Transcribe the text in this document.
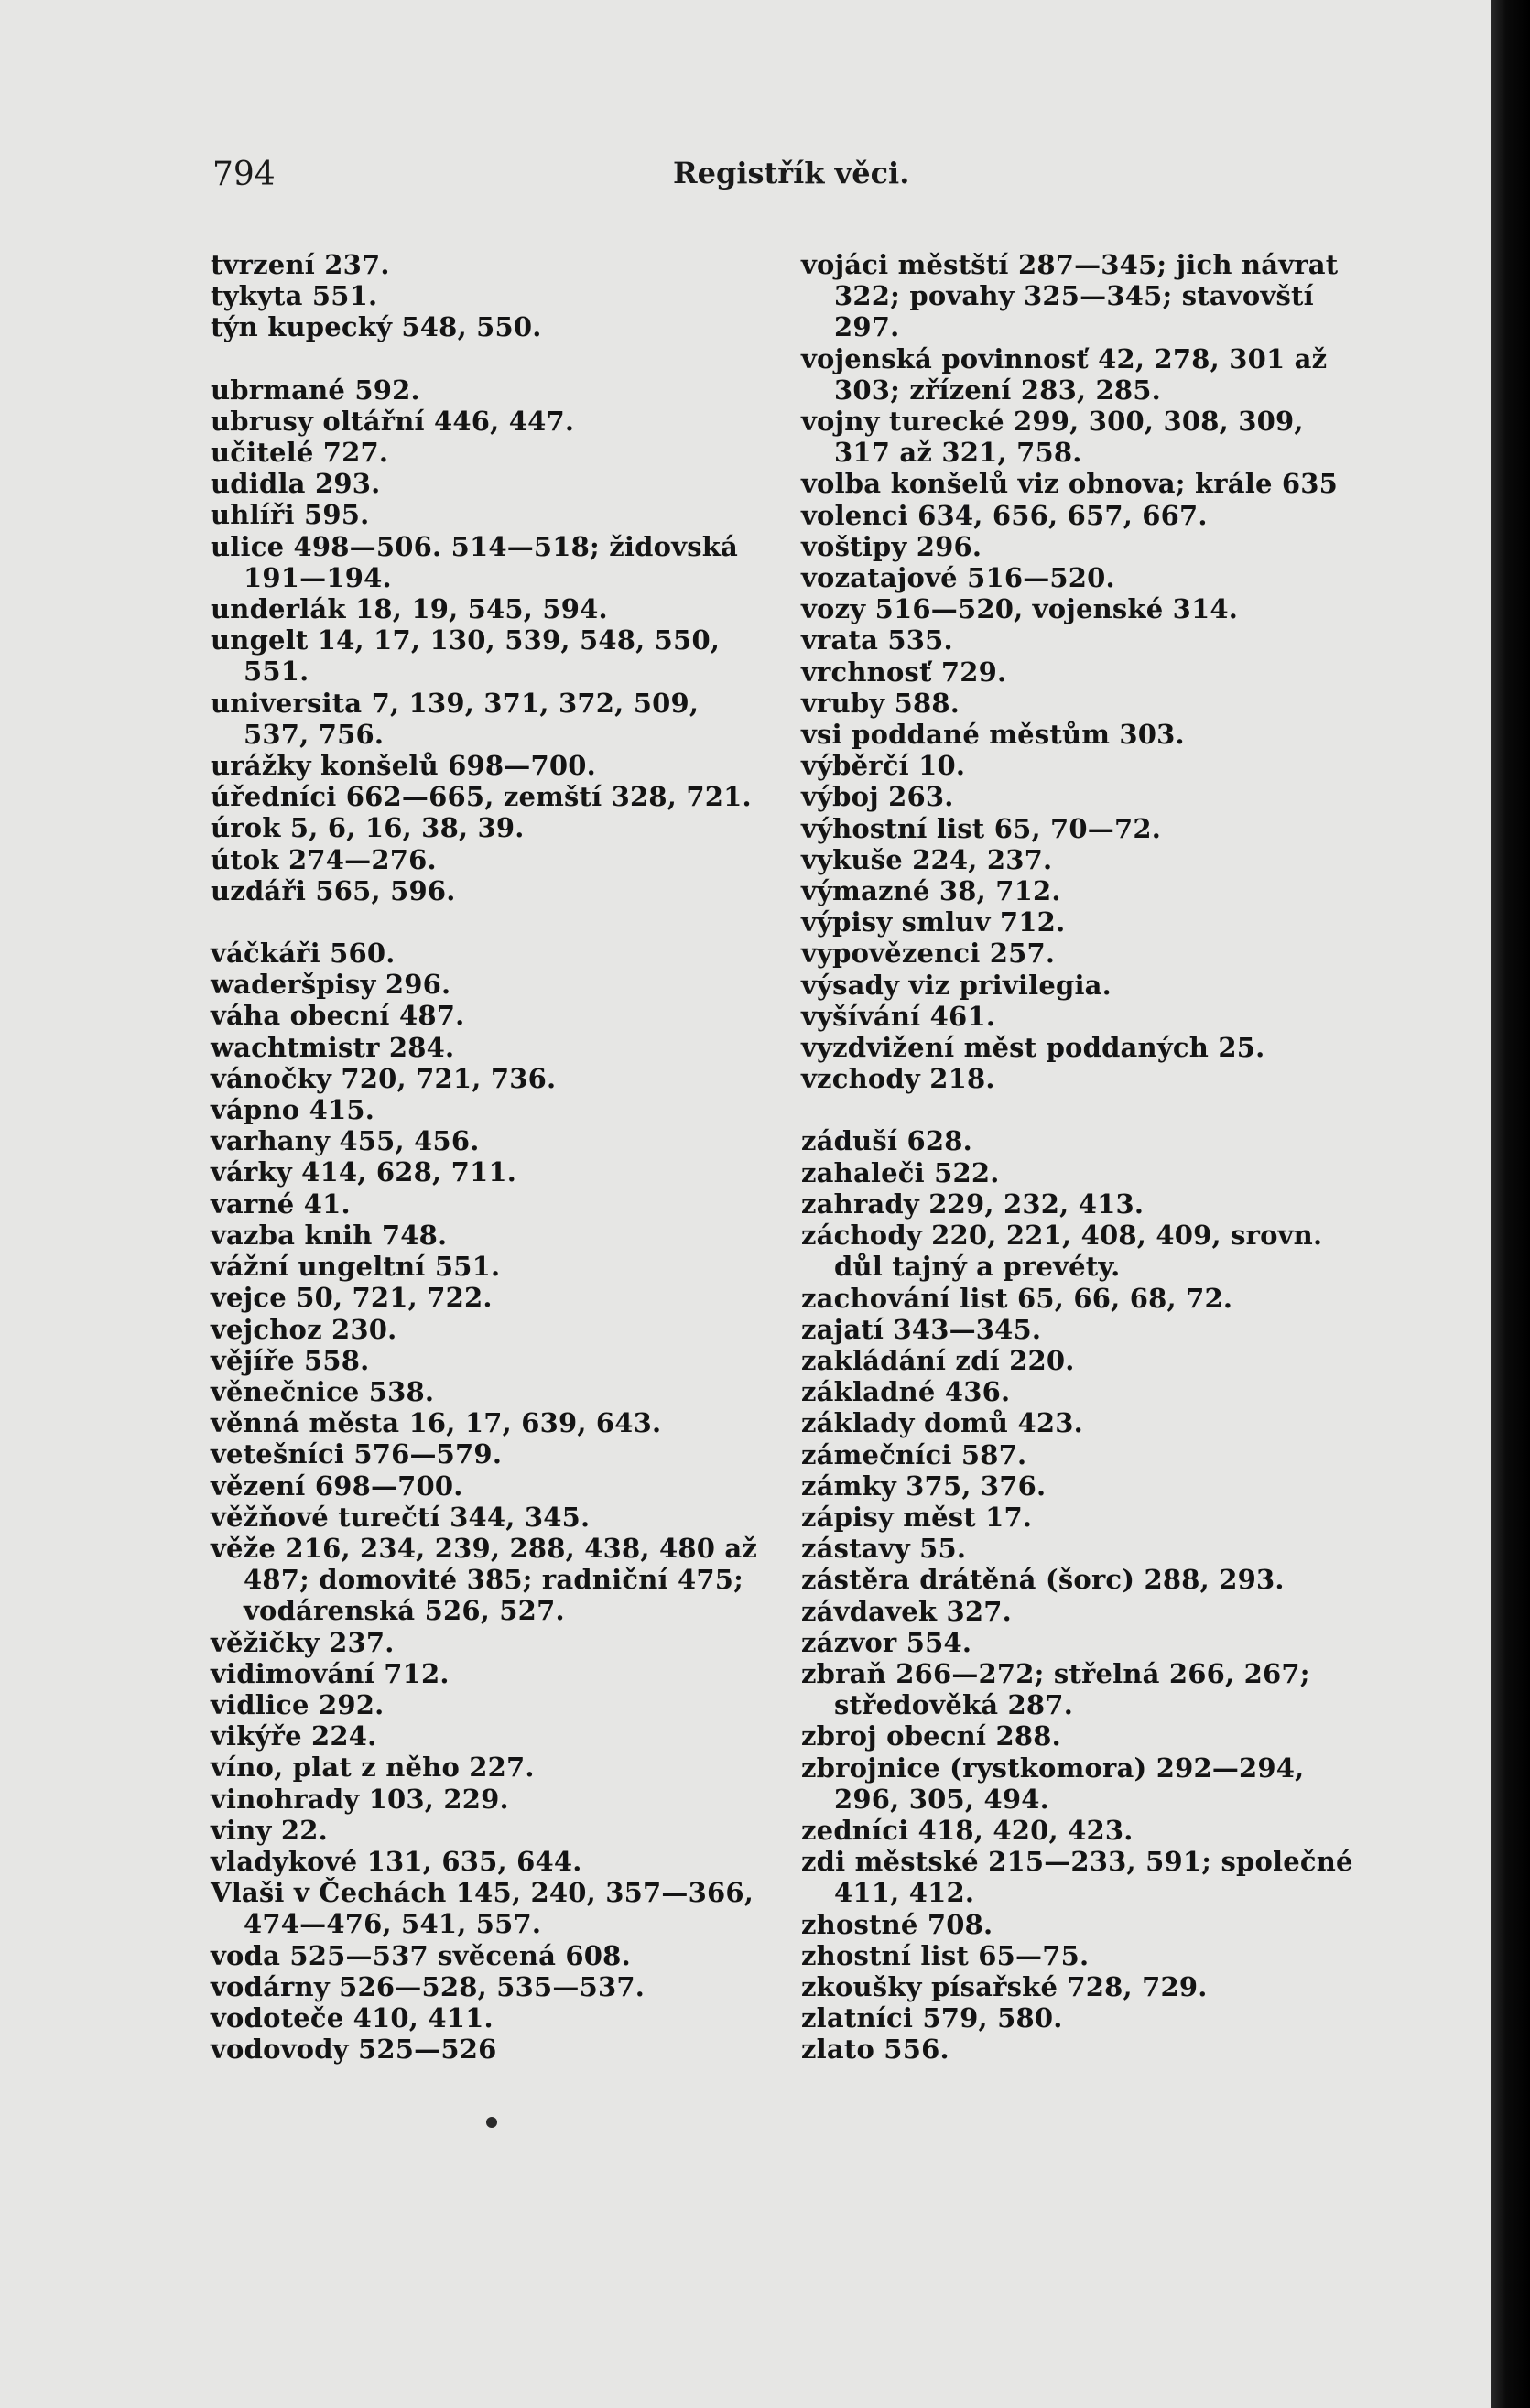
794	Registřík věci.
tvrzení 237.
tykyta 551.
týn kupecký 548, 550.
ubrmané 592.
ubrusy oltářní 446, 447.
učitelé 727.
udidla 293.
uhlíři 595.
ulice 498—506. 514—518; židovská 191—194.
underlák 18, 19, 545, 594.
ungelt 14, 17, 130, 539, 548, 550, 551.
universita 7, 139, 371, 372, 509, 537, 756.
urážky konšelů 698—700.
úředníci 662—665, zemští 328, 721.
úrok 5, 6, 16, 38, 39.
útok 274—276.
uzdáři 565, 596.
váčkáři 560.
waderšpisy 296.
váha obecní 487.
wachtmistr 284.
vánočky 720, 721, 736.
vápno 415.
varhany 455, 456.
várky 414, 628, 711.
varné 41.
vazba knih 748.
vážní ungeltní 551.
vejce 50, 721, 722.
vejchoz 230.
vějíře 558.
věnečnice 538.
věnná města 16, 17, 639, 643.
vetešníci 576—579.
vězení 698—700.
věžňové turečtí 344, 345.
věže 216, 234, 239, 288, 438, 480 až 487; domovité 385; radniční 475; vodárenská 526, 527.
věžičky 237.
vidimování 712.
vidlice 292.
vikýře 224.
víno, plat z něho 227.
vinohrady 103, 229.
viny 22.
vladykové 131, 635, 644.
Vlaši v Čechách 145, 240, 357—366, 474—476, 541, 557.
voda 525—537 svěcená 608.
vodárny 526—528, 535—537.
vodoteče 410, 411.
vodovody 525—526
vojáci městští 287—345; jich návrat 322; povahy 325—345; stavovští 297.
vojenská povinnosť 42, 278, 301 až 303; zřízení 283, 285.
vojny turecké 299, 300, 308, 309, 317 až 321, 758.
volba konšelů viz obnova; krále 635
volenci 634, 656, 657, 667.
voštipy 296.
vozatajové 516—520.
vozy 516—520, vojenské 314.
vrata 535.
vrchnosť 729.
vruby 588.
vsi poddané městům 303.
výběrčí 10.
výboj 263.
výhostní list 65, 70—72.
vykuše 224, 237.
výmazné 38, 712.
výpisy smluv 712.
vypovězenci 257.
výsady viz privilegia.
vyšívání 461.
vyzdvižení měst poddaných 25.
vzchody 218.
záduší 628.
zahaleči 522.
zahrady 229, 232, 413.
záchody 220, 221, 408, 409, srovn. důl tajný a prevéty.
zachování list 65, 66, 68, 72.
zajatí 343—345.
zakládání zdí 220.
základné 436.
základy domů 423.
zámečníci 587.
zámky 375, 376.
zápisy měst 17.
zástavy 55.
zástěra drátěná (šorc) 288, 293.
závdavek 327.
zázvor 554.
zbraň 266—272; střelná 266, 267; středověká 287.
zbroj obecní 288.
zbrojnice (rystkomora) 292—294, 296, 305, 494.
zedníci 418, 420, 423.
zdi městské 215—233, 591; společné 411, 412.
zhostné 708.
zhostní list 65—75.
zkoušky písařské 728, 729.
zlatníci 579, 580.
zlato 556.
